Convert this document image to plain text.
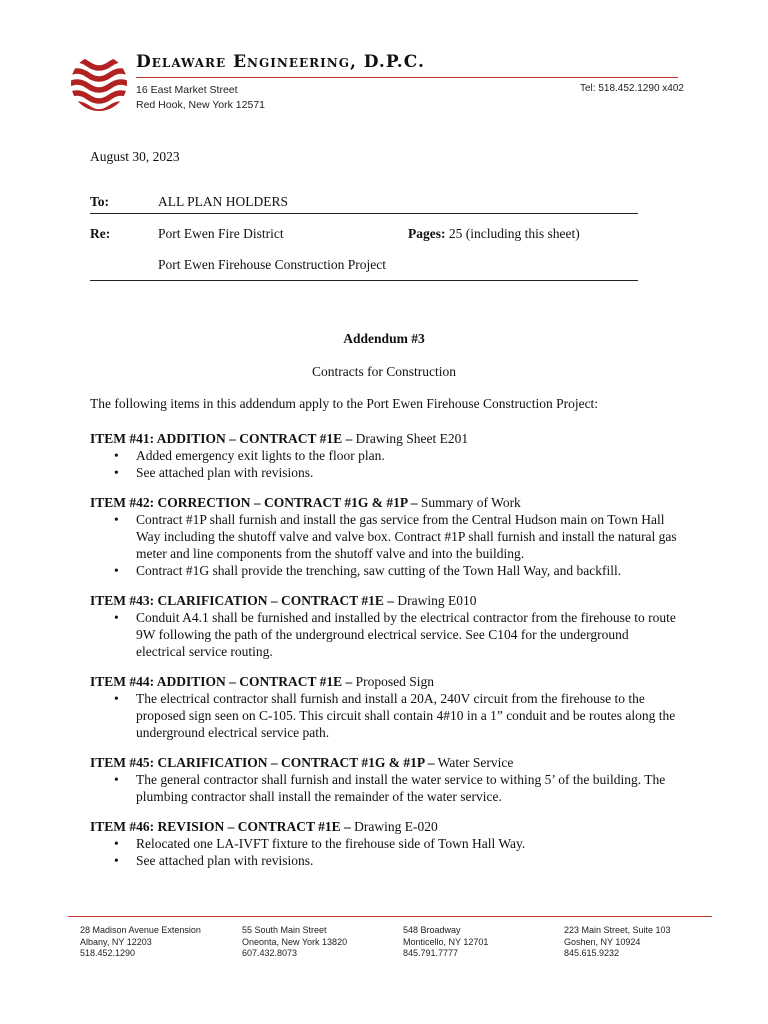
Delaware Engineering, D.P.C.
16 East Market Street
Red Hook, New York 12571
Tel: 518.452.1290 x402
August 30, 2023
To:	ALL PLAN HOLDERS
Re:	Port Ewen Fire District	Pages: 25 (including this sheet)
Port Ewen Firehouse Construction Project
Addendum #3
Contracts for Construction
The following items in this addendum apply to the Port Ewen Firehouse Construction Project:
ITEM #41: ADDITION – CONTRACT #1E – Drawing Sheet E201
• Added emergency exit lights to the floor plan.
• See attached plan with revisions.
ITEM #42: CORRECTION – CONTRACT #1G & #1P – Summary of Work
• Contract #1P shall furnish and install the gas service from the Central Hudson main on Town Hall Way including the shutoff valve and valve box. Contract #1P shall furnish and install the natural gas meter and line components from the shutoff valve and into the building.
• Contract #1G shall provide the trenching, saw cutting of the Town Hall Way, and backfill.
ITEM #43: CLARIFICATION – CONTRACT #1E – Drawing E010
• Conduit A4.1 shall be furnished and installed by the electrical contractor from the firehouse to route 9W following the path of the underground electrical service. See C104 for the underground electrical service routing.
ITEM #44: ADDITION – CONTRACT #1E – Proposed Sign
• The electrical contractor shall furnish and install a 20A, 240V circuit from the firehouse to the proposed sign seen on C-105. This circuit shall contain 4#10 in a 1” conduit and be routes along the underground electrical service path.
ITEM #45: CLARIFICATION – CONTRACT #1G & #1P – Water Service
• The general contractor shall furnish and install the water service to withing 5’ of the building. The plumbing contractor shall install the remainder of the water service.
ITEM #46: REVISION – CONTRACT #1E – Drawing E-020
• Relocated one LA-IVFT fixture to the firehouse side of Town Hall Way.
• See attached plan with revisions.
28 Madison Avenue Extension
Albany, NY 12203
518.452.1290
55 South Main Street
Oneonta, New York 13820
607.432.8073
548 Broadway
Monticello, NY 12701
845.791.7777
223 Main Street, Suite 103
Goshen, NY 10924
845.615.9232
